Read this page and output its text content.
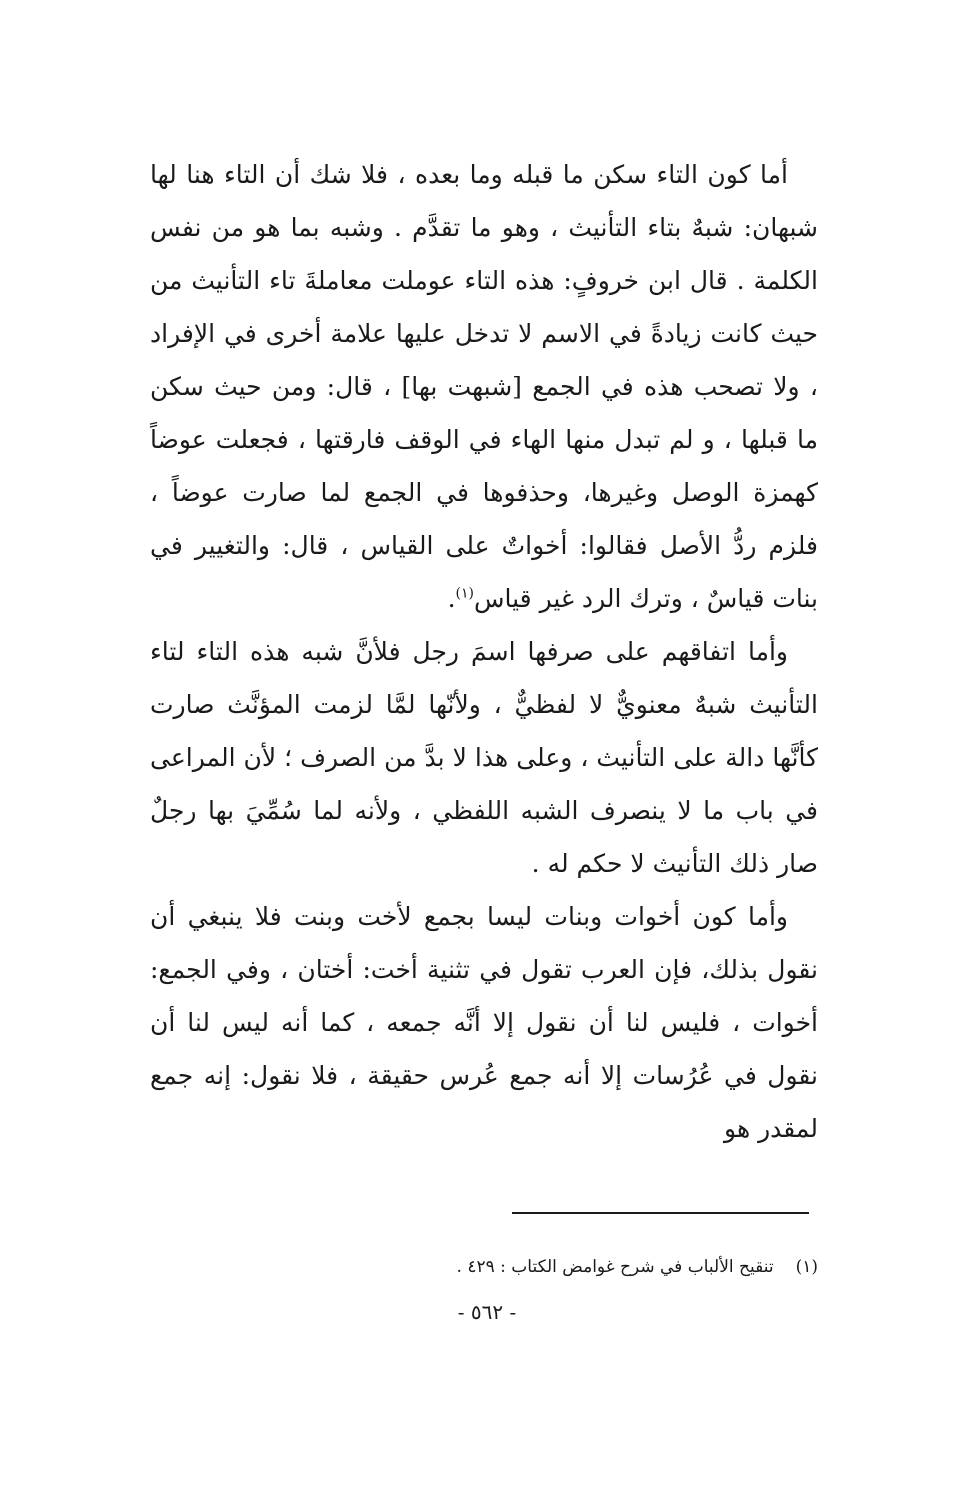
أما كون التاء سكن ما قبله وما بعده ، فلا شك أن التاء هنا لها شبهان: شبهٌ بتاء التأنيث ، وهو ما تقدَّم . وشبه بما هو من نفس الكلمة . قال ابن خروفٍ: هذه التاء عوملت معاملةَ تاء التأنيث من حيث كانت زيادةً في الاسم لا تدخل عليها علامة أخرى في الإفراد ، ولا تصحب هذه في الجمع [شبهت بها] ، قال: ومن حيث سكن ما قبلها ، و لم تبدل منها الهاء في الوقف فارقتها ، فجعلت عوضاً كهمزة الوصل وغيرها، وحذفوها في الجمع لما صارت عوضاً ، فلزم ردُّ الأصل فقالوا: أخواتٌ على القياس ، قال: والتغيير في بنات قياسٌ ، وترك الرد غير قياس$^{(١)}$.

وأما اتفاقهم على صرفها اسمَ رجل فلأنَّ شبه هذه التاء لتاء التأنيث شبهٌ معنويٌّ لا لفظيٌّ ، ولأنّها لمَّا لزمت المؤنَّث صارت كأنَّها دالة على التأنيث ، وعلى هذا لا بدَّ من الصرف ؛ لأن المراعى في باب ما لا ينصرف الشبه اللفظي ، ولأنه لما سُمِّيَ بها رجلٌ صار ذلك التأنيث لا حكم له .

وأما كون أخوات وبنات ليسا بجمع لأخت وبنت فلا ينبغي أن نقول بذلك، فإن العرب تقول في تثنية أخت: أختان ، وفي الجمع: أخوات ، فليس لنا أن نقول إلا أنَّه جمعه ، كما أنه ليس لنا أن نقول في عُرُسات إلا أنه جمع عُرس حقيقة ، فلا نقول: إنه جمع لمقدر هو

(١)تنقيح الألباب في شرح غوامض الكتاب : ٤٢٩ .
- ٥٦٢ -
